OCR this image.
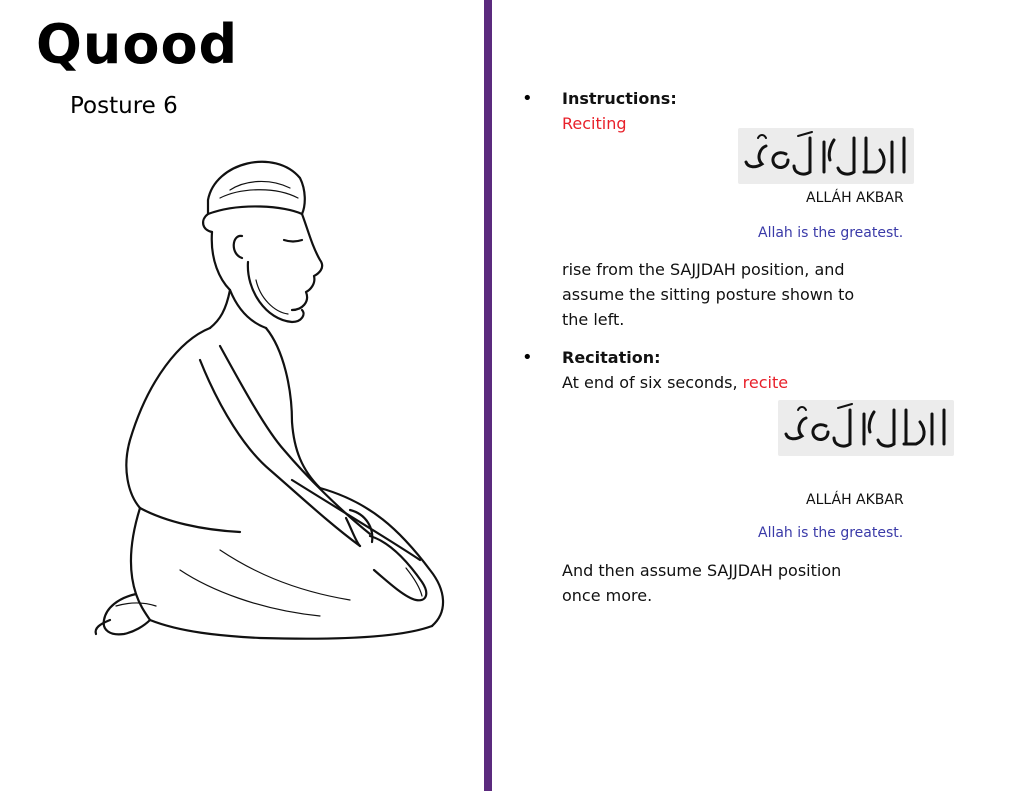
Quood
Posture 6	• Instructions:
Reciting
ALLÁH AKBAR
Allah is the greatest.
rise from the SAJJDAH position, and
assume the sitting posture shown to
the left.
• Recitation:
At end of six seconds, recite
ALLÁH AKBAR
Allah is the greatest.
And then assume SAJJDAH position
once more.
